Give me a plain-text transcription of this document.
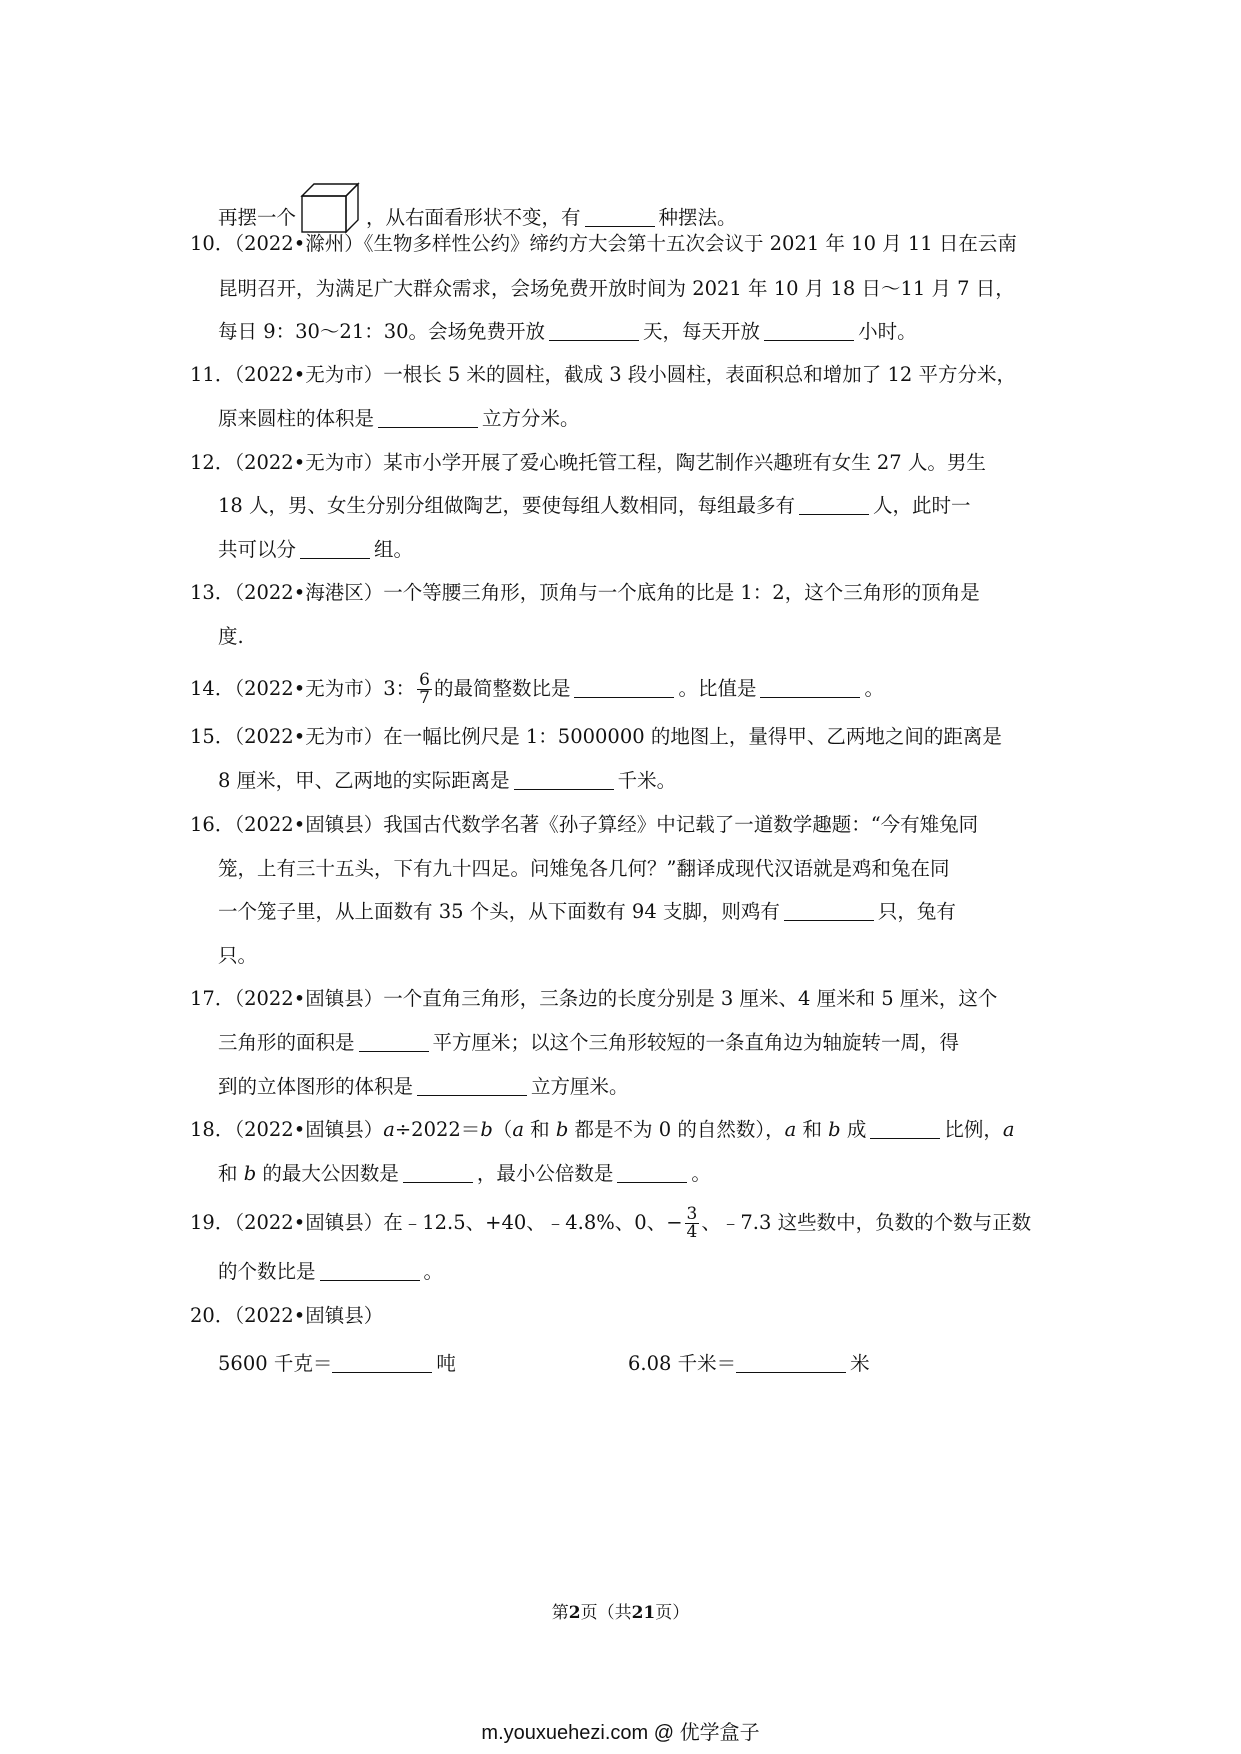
再摆一个	，从右面看形状不变，有	种摆法。
10．（2022•滁州）《生物多样性公约》缔约方大会第十五次会议于 2021 年 10 月 11 日在云南
昆明召开，为满足广大群众需求，会场免费开放时间为 2021 年 10 月 18 日～11 月 7 日，
每日 9：30～21：30。会场免费开放	天，每天开放	小时。
11．（2022•无为市）一根长 5 米的圆柱，截成 3 段小圆柱，表面积总和增加了 12 平方分米，
原来圆柱的体积是	立方分米。
12．（2022•无为市）某市小学开展了爱心晚托管工程，陶艺制作兴趣班有女生 27 人。男生
18 人，男、女生分别分组做陶艺，要使每组人数相同，每组最多有	人，此时一
共可以分	组。
13．（2022•海港区）一个等腰三角形，顶角与一个底角的比是 1：2，这个三角形的顶角是
度.
14．（2022•无为市）3： $\frac{6}{7}$ 的最简整数比是	。比值是	。
15．（2022•无为市）在一幅比例尺是 1：5000000 的地图上，量得甲、乙两地之间的距离是
8 厘米，甲、乙两地的实际距离是	千米。
16．（2022•固镇县）我国古代数学名著《孙子算经》中记载了一道数学趣题：“今有雉兔同
笼，上有三十五头，下有九十四足。问雉兔各几何？”翻译成现代汉语就是鸡和兔在同
一个笼子里，从上面数有 35 个头，从下面数有 94 支脚，则鸡有	只，兔有
只。
17．（2022•固镇县）一个直角三角形，三条边的长度分别是 3 厘米、4 厘米和 5 厘米，这个
三角形的面积是	平方厘米；以这个三角形较短的一条直角边为轴旋转一周，得
到的立体图形的体积是	立方厘米。
18．（2022•固镇县）a÷2022＝b（a 和 b 都是不为 0 的自然数），a 和 b 成	比例，a
和 b 的最大公因数是	，最小公倍数是	。
19．（2022•固镇县）在﹣12.5、+40、﹣4.8%、0、− $\frac{3}{4}$ 、﹣7.3 这些数中，负数的个数与正数
的个数比是	。
20．（2022•固镇县）
5600 千克＝	吨	6.08 千米＝	米
第2页（共21页）
m.youxuehezi.com @ 优学盒子
